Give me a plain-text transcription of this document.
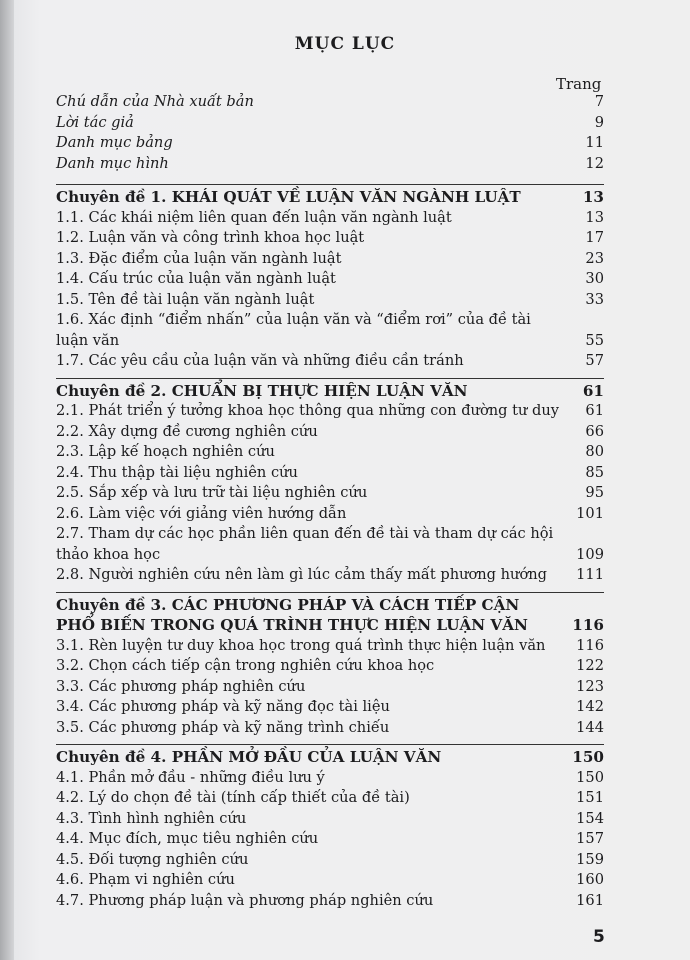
MỤC LỤC
Trang
Chú dẫn của Nhà xuất bản	7
Lời tác giả	9
Danh mục bảng	11
Danh mục hình	12
Chuyên đề 1. KHÁI QUÁT VỀ LUẬN VĂN NGÀNH LUẬT	13
1.1. Các khái niệm liên quan đến luận văn ngành luật	13
1.2. Luận văn và công trình khoa học luật	17
1.3. Đặc điểm của luận văn ngành luật	23
1.4. Cấu trúc của luận văn ngành luật	30
1.5. Tên đề tài luận văn ngành luật	33
1.6. Xác định “điểm nhấn” của luận văn và “điểm rơi” của đề tài luận văn	55
1.7. Các yêu cầu của luận văn và những điều cần tránh	57
Chuyên đề 2. CHUẨN BỊ THỰC HIỆN LUẬN VĂN	61
2.1. Phát triển ý tưởng khoa học thông qua những con đường tư duy	61
2.2. Xây dựng đề cương nghiên cứu	66
2.3. Lập kế hoạch nghiên cứu	80
2.4. Thu thập tài liệu nghiên cứu	85
2.5. Sắp xếp và lưu trữ tài liệu nghiên cứu	95
2.6. Làm việc với giảng viên hướng dẫn	101
2.7. Tham dự các học phần liên quan đến đề tài và tham dự các hội thảo khoa học	109
2.8. Người nghiên cứu nên làm gì lúc cảm thấy mất phương hướng	111
Chuyên đề 3. CÁC PHƯƠNG PHÁP VÀ CÁCH TIẾP CẬN PHỔ BIẾN TRONG QUÁ TRÌNH THỰC HIỆN LUẬN VĂN	116
3.1. Rèn luyện tư duy khoa học trong quá trình thực hiện luận văn	116
3.2. Chọn cách tiếp cận trong nghiên cứu khoa học	122
3.3. Các phương pháp nghiên cứu	123
3.4. Các phương pháp và kỹ năng đọc tài liệu	142
3.5. Các phương pháp và kỹ năng trình chiếu	144
Chuyên đề 4. PHẦN MỞ ĐẦU CỦA LUẬN VĂN	150
4.1. Phần mở đầu - những điều lưu ý	150
4.2. Lý do chọn đề tài (tính cấp thiết của đề tài)	151
4.3. Tình hình nghiên cứu	154
4.4. Mục đích, mục tiêu nghiên cứu	157
4.5. Đối tượng nghiên cứu	159
4.6. Phạm vi nghiên cứu	160
4.7. Phương pháp luận và phương pháp nghiên cứu	161
5
